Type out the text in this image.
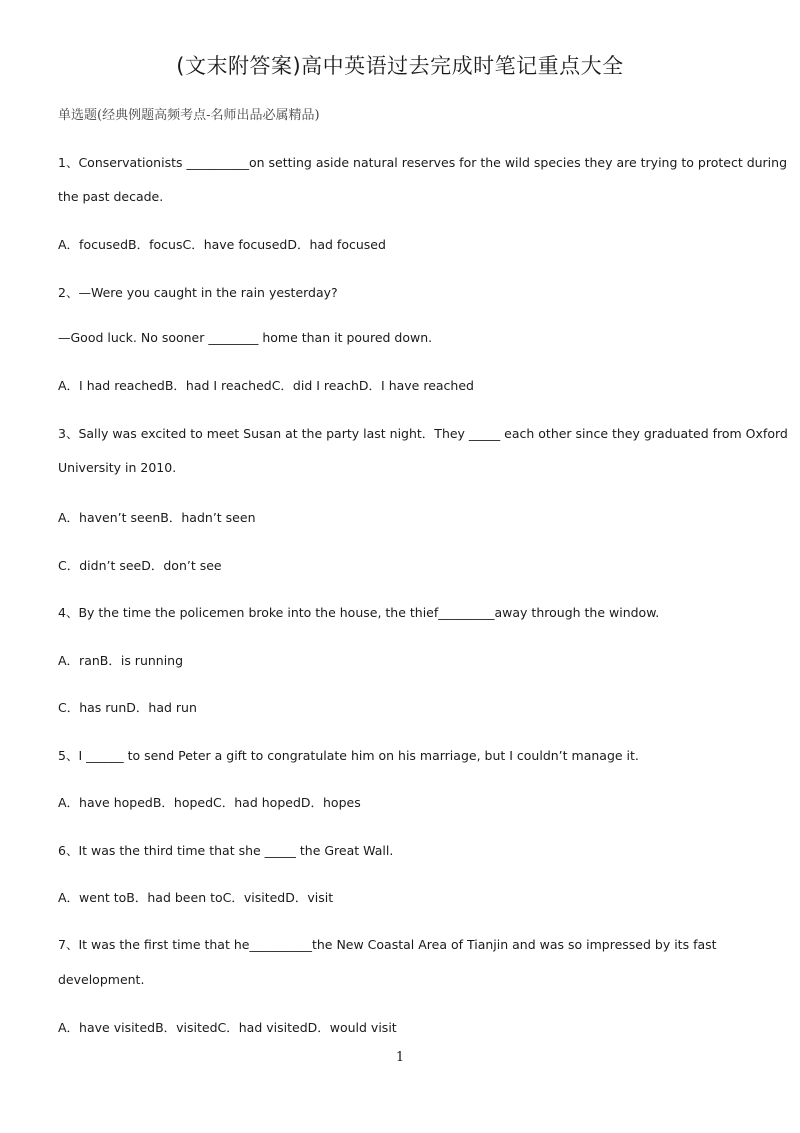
(文末附答案)高中英语过去完成时笔记重点大全
单选题(经典例题高频考点-名师出品必属精品)
1、Conservationists __________on setting aside natural reserves for the wild species they are trying to protect during
the past decade.
A．focusedB．focusC．have focusedD．had focused
2、—Were you caught in the rain yesterday?
—Good luck. No sooner ________ home than it poured down.
A．I had reachedB．had I reachedC．did I reachD．I have reached
3、Sally was excited to meet Susan at the party last night．They _____ each other since they graduated from Oxford
University in 2010.
A．haven’t seenB．hadn’t seen
C．didn’t seeD．don’t see
4、By the time the policemen broke into the house, the thief_________away through the window.
A．ranB．is running
C．has runD．had run
5、I ______ to send Peter a gift to congratulate him on his marriage, but I couldn’t manage it.
A．have hopedB．hopedC．had hopedD．hopes
6、It was the third time that she _____ the Great Wall.
A．went toB．had been toC．visitedD．visit
7、It was the first time that he__________the New Coastal Area of Tianjin and was so impressed by its fast
development.
A．have visitedB．visitedC．had visitedD．would visit
1
